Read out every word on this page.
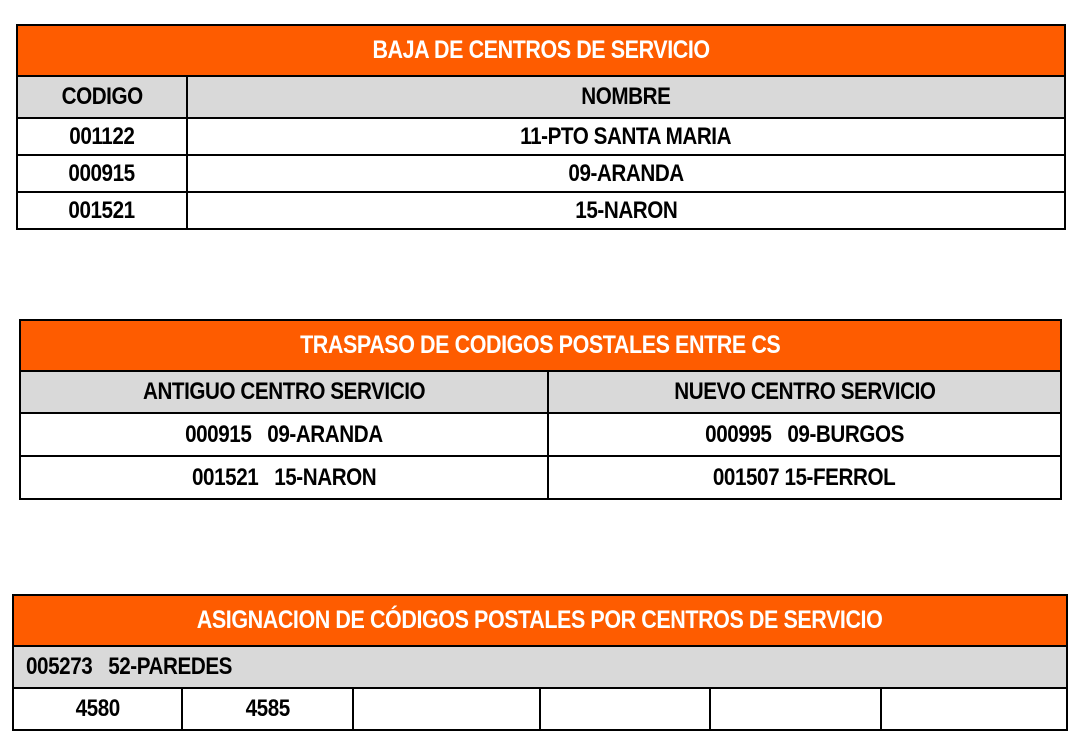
BAJA DE CENTROS DE SERVICIO	
CODIGO	NOMBRE
001122	11-PTO SANTA MARIA
000915	09-ARANDA
001521	15-NARON
TRASPASO DE CODIGOS POSTALES ENTRE CS	
ANTIGUO CENTRO SERVICIO	NUEVO CENTRO SERVICIO
000915   09-ARANDA	000995   09-BURGOS
001521   15-NARON	001507 15-FERROL
ASIGNACION DE CÓDIGOS POSTALES POR CENTROS DE SERVICIO
005273   52-PAREDES
4580	4585				
